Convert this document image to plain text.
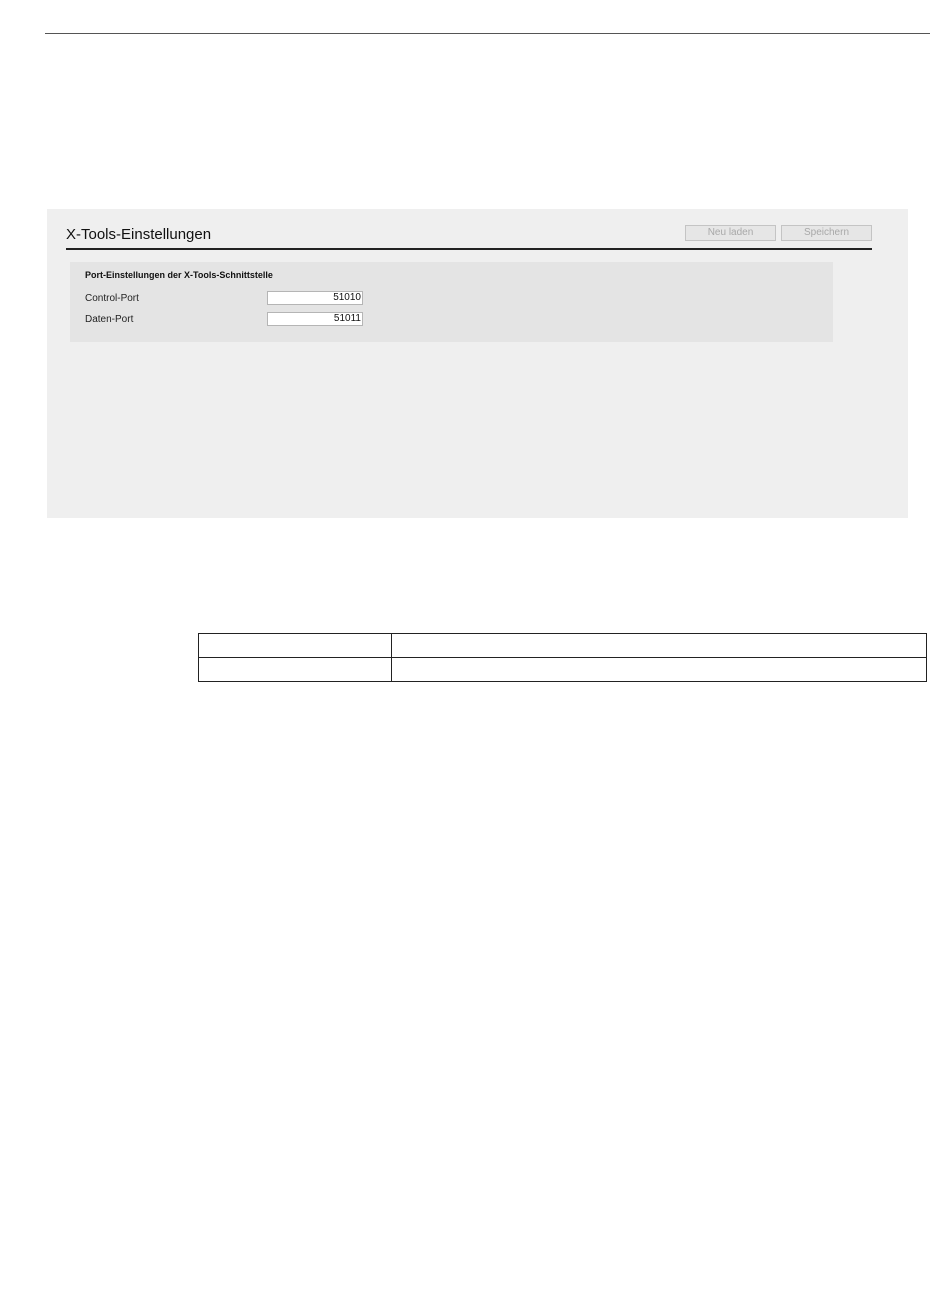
X-Tools-Einstellungen	Neu laden	Speichern
Port-Einstellungen der X-Tools-Schnittstelle
Control-Port	51010
Daten-Port	51011
